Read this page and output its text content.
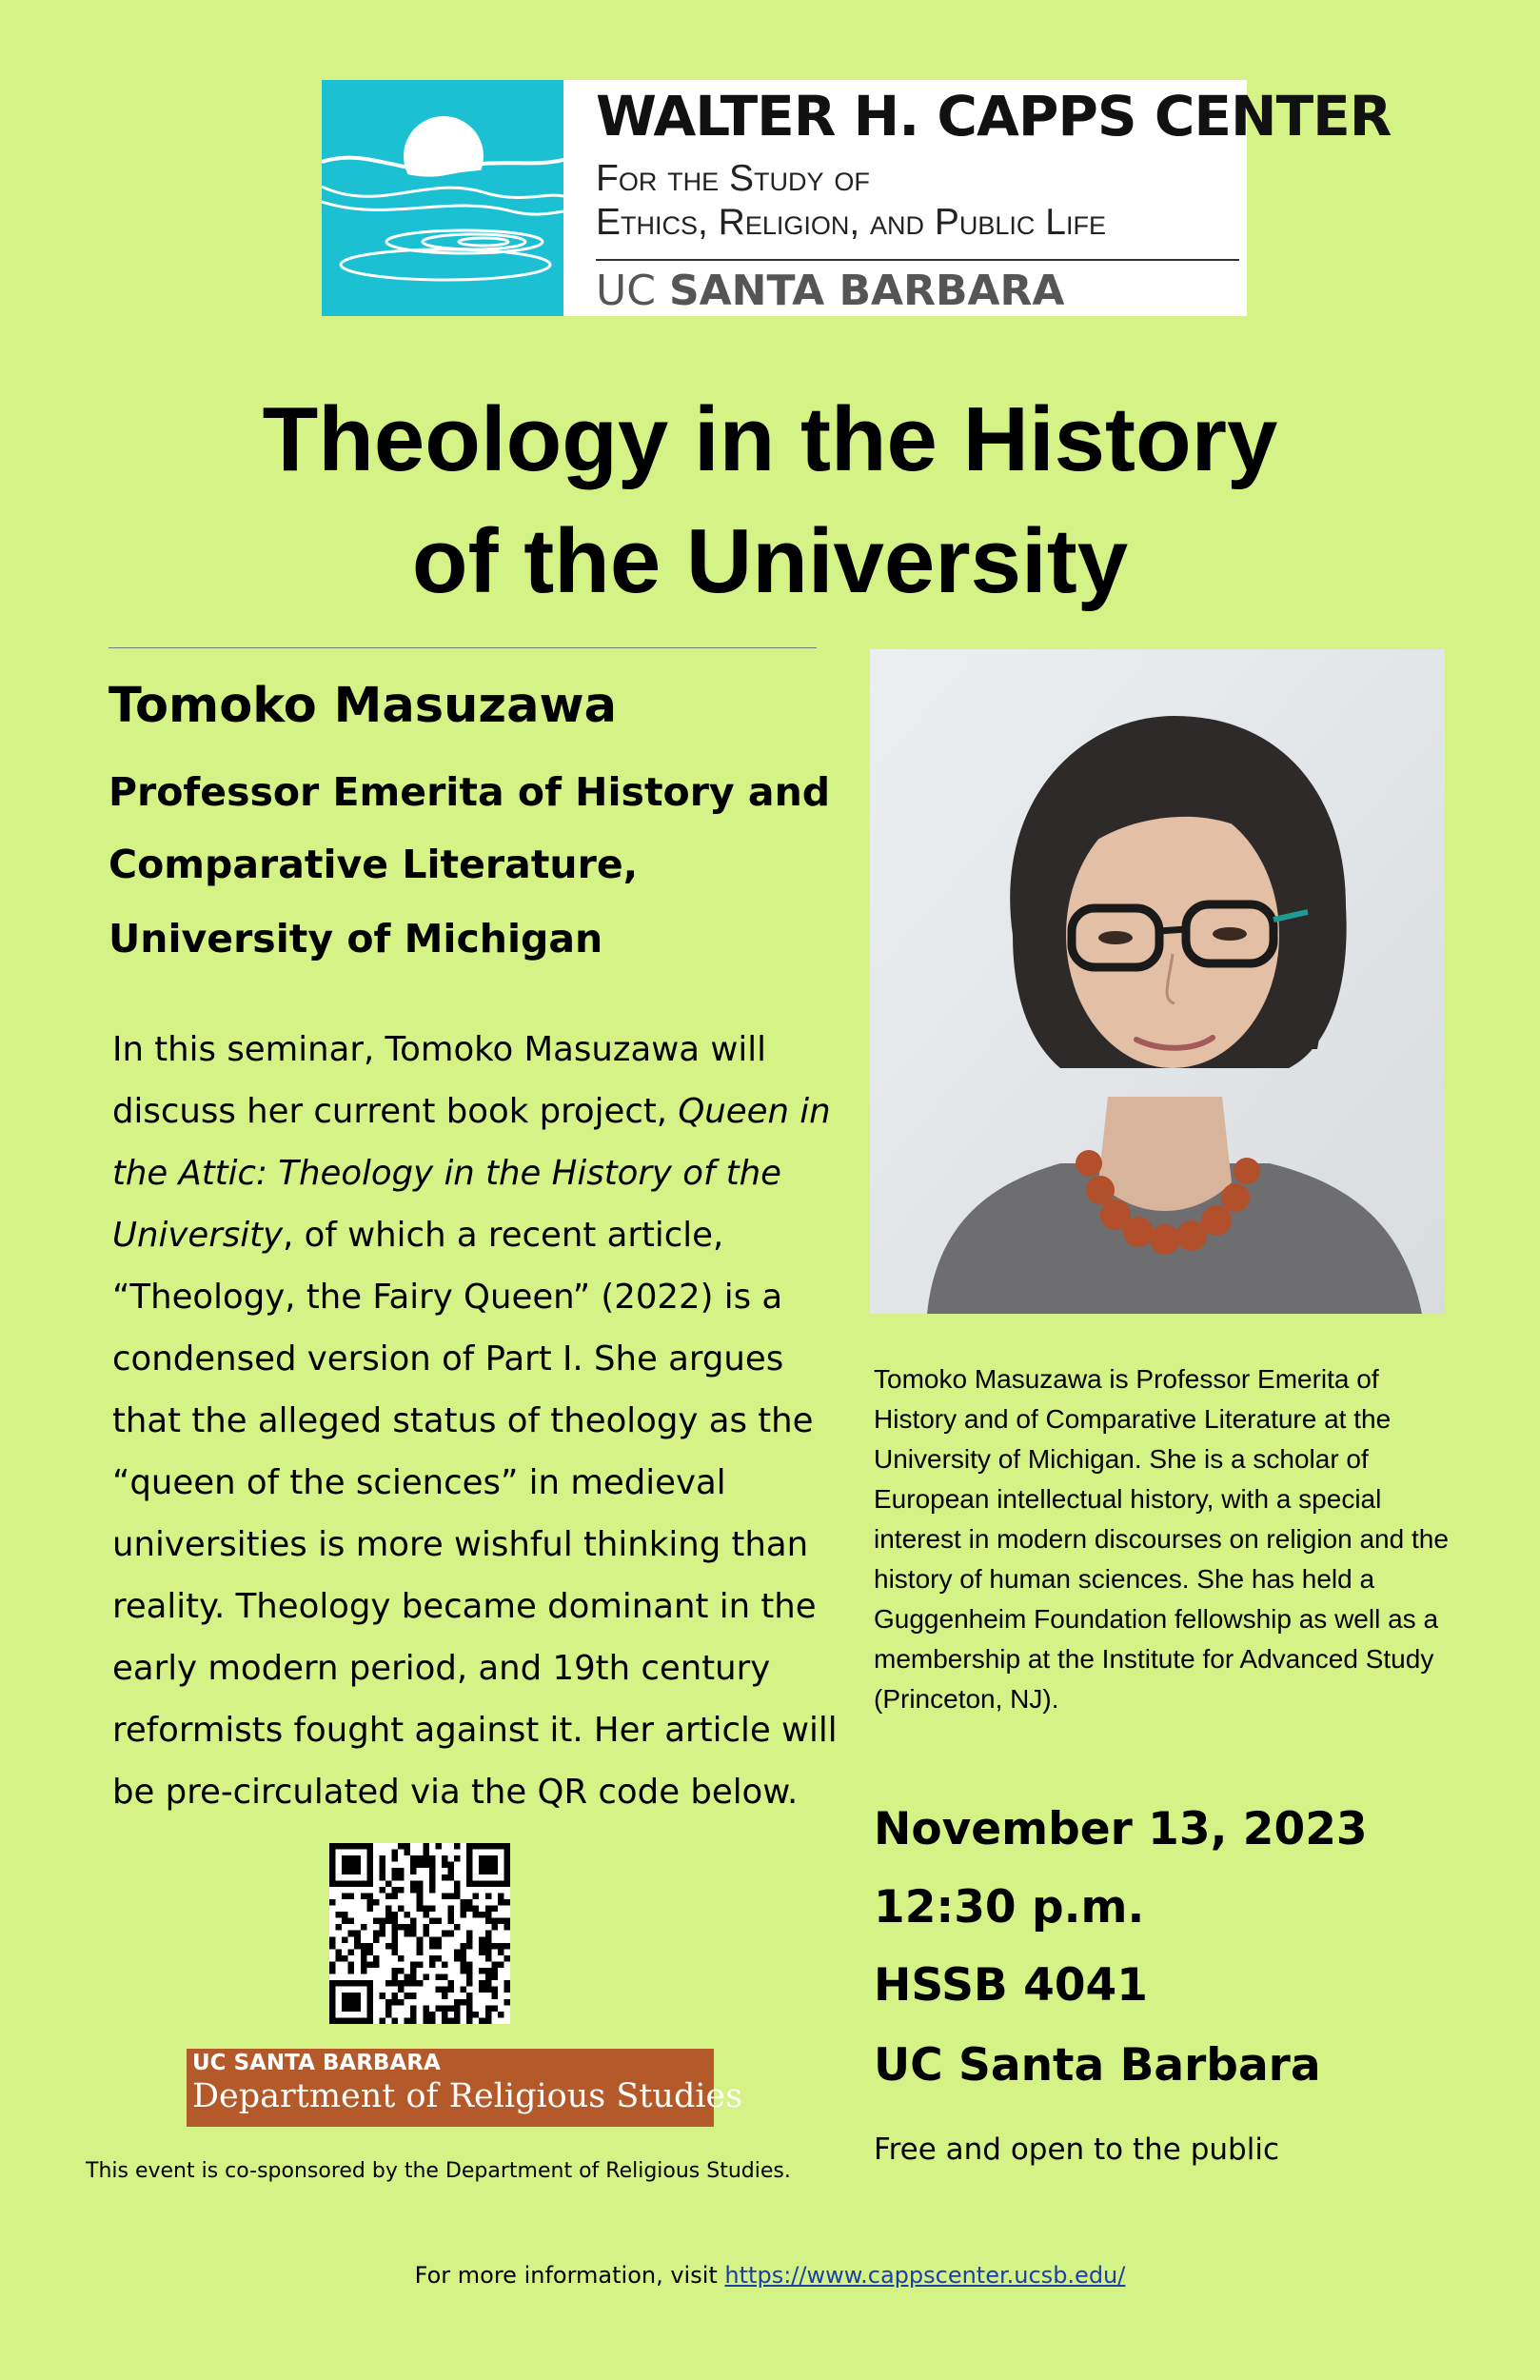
WALTER H. CAPPS CENTER
For the Study of
Ethics, Religion, and Public Life
UC SANTA BARBARA
Theology in the History
of the University
Tomoko Masuzawa
Professor Emerita of History and
Comparative Literature,
University of Michigan

In this seminar, Tomoko Masuzawa will discuss her current book project, Queen in the Attic: Theology in the History of the University, of which a recent article, “Theology, the Fairy Queen” (2022) is a condensed version of Part I. She argues that the alleged status of theology as the “queen of the sciences” in medieval universities is more wishful thinking than reality. Theology became dominant in the early modern period, and 19th century reformists fought against it. Her article will be pre-circulated via the QR code below.

UC SANTA BARBARA
Department of Religious Studies
This event is co-sponsored by the Department of Religious Studies.

Tomoko Masuzawa is Professor Emerita of History and of Comparative Literature at the University of Michigan. She is a scholar of European intellectual history, with a special interest in modern discourses on religion and the history of human sciences. She has held a Guggenheim Foundation fellowship as well as a membership at the Institute for Advanced Study (Princeton, NJ).

November 13, 2023
12:30 p.m.
HSSB 4041
UC Santa Barbara
Free and open to the public
For more information, visit https://www.cappscenter.ucsb.edu/
